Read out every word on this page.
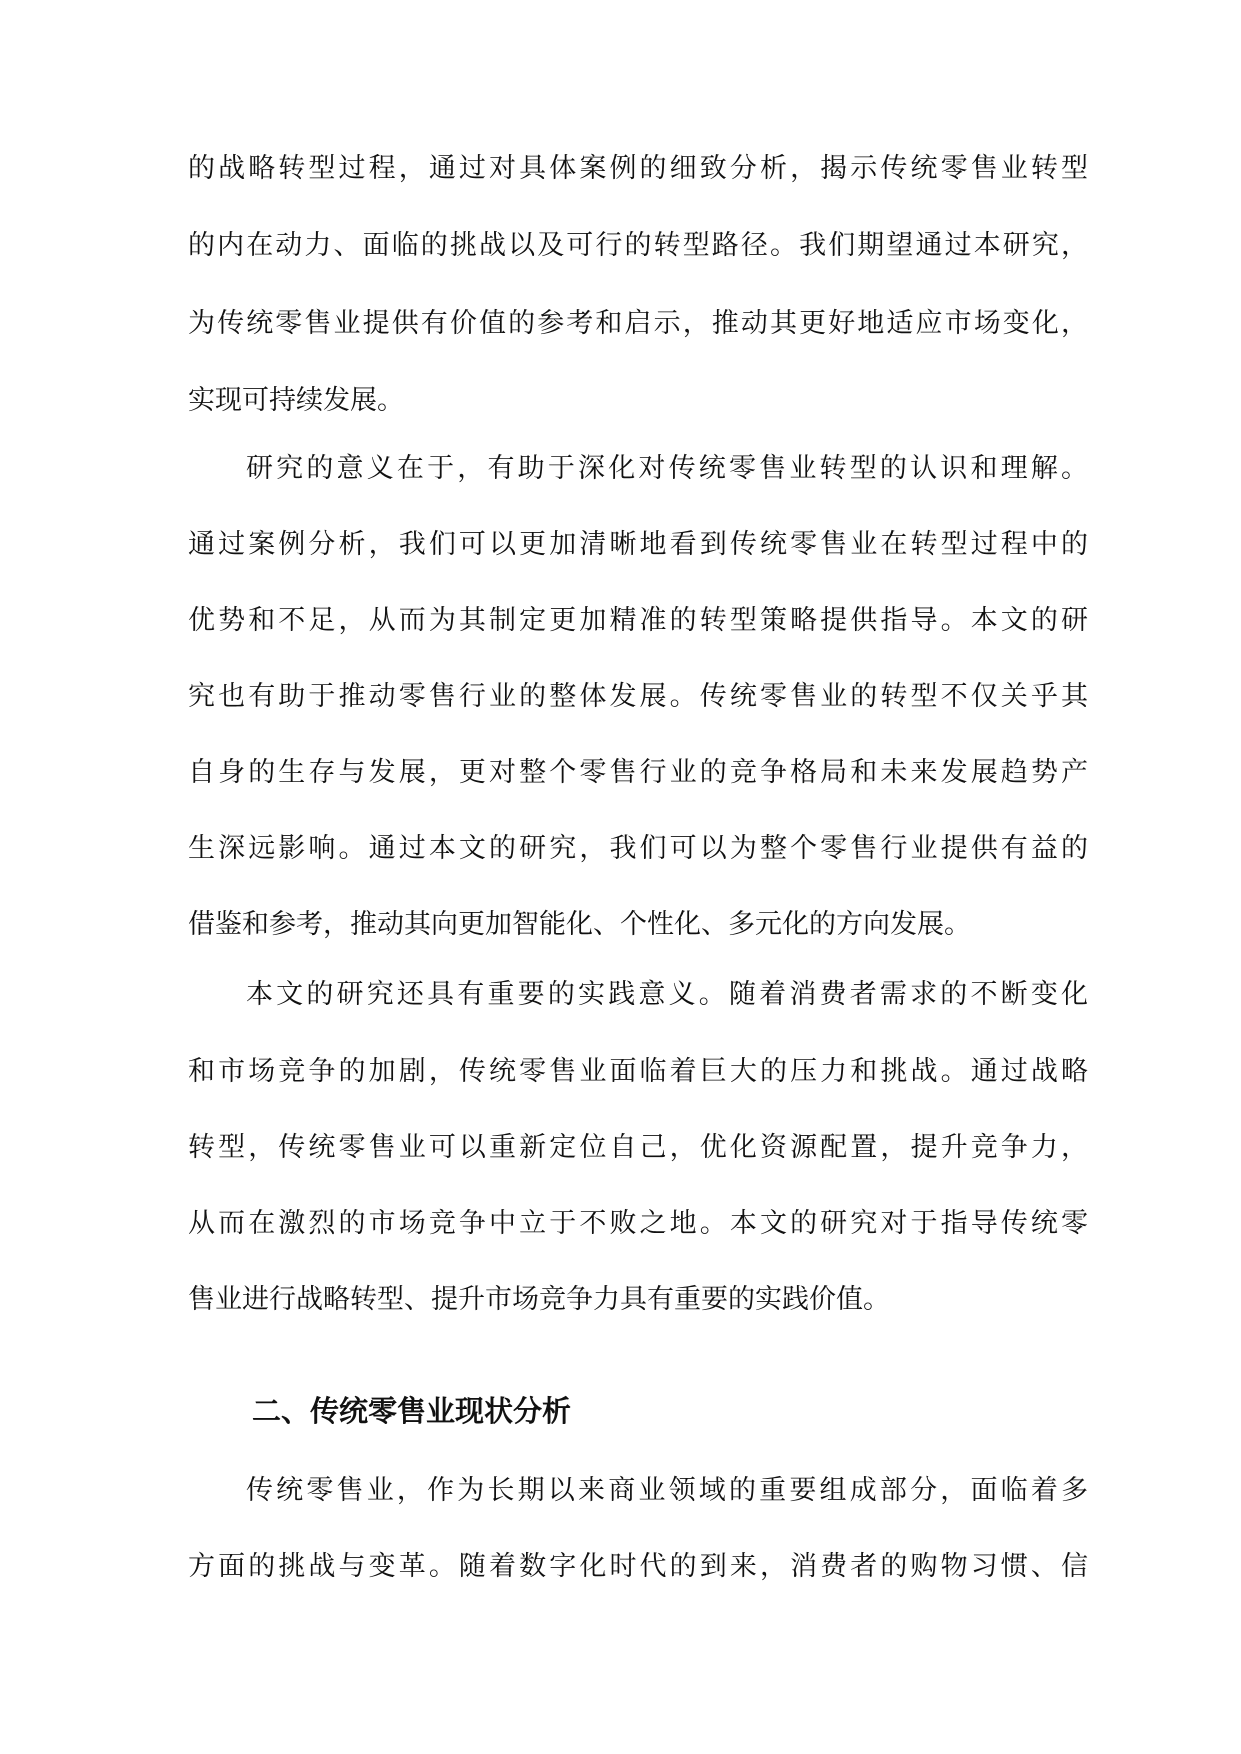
的战略转型过程，通过对具体案例的细致分析，揭示传统零售业转型

的内在动力、面临的挑战以及可行的转型路径。我们期望通过本研究，

为传统零售业提供有价值的参考和启示，推动其更好地适应市场变化，

实现可持续发展。

研究的意义在于，有助于深化对传统零售业转型的认识和理解。

通过案例分析，我们可以更加清晰地看到传统零售业在转型过程中的

优势和不足，从而为其制定更加精准的转型策略提供指导。本文的研

究也有助于推动零售行业的整体发展。传统零售业的转型不仅关乎其

自身的生存与发展，更对整个零售行业的竞争格局和未来发展趋势产

生深远影响。通过本文的研究，我们可以为整个零售行业提供有益的

借鉴和参考，推动其向更加智能化、个性化、多元化的方向发展。

本文的研究还具有重要的实践意义。随着消费者需求的不断变化

和市场竞争的加剧，传统零售业面临着巨大的压力和挑战。通过战略

转型，传统零售业可以重新定位自己，优化资源配置，提升竞争力，

从而在激烈的市场竞争中立于不败之地。本文的研究对于指导传统零

售业进行战略转型、提升市场竞争力具有重要的实践价值。

二、传统零售业现状分析

传统零售业，作为长期以来商业领域的重要组成部分，面临着多

方面的挑战与变革。随着数字化时代的到来，消费者的购物习惯、信
